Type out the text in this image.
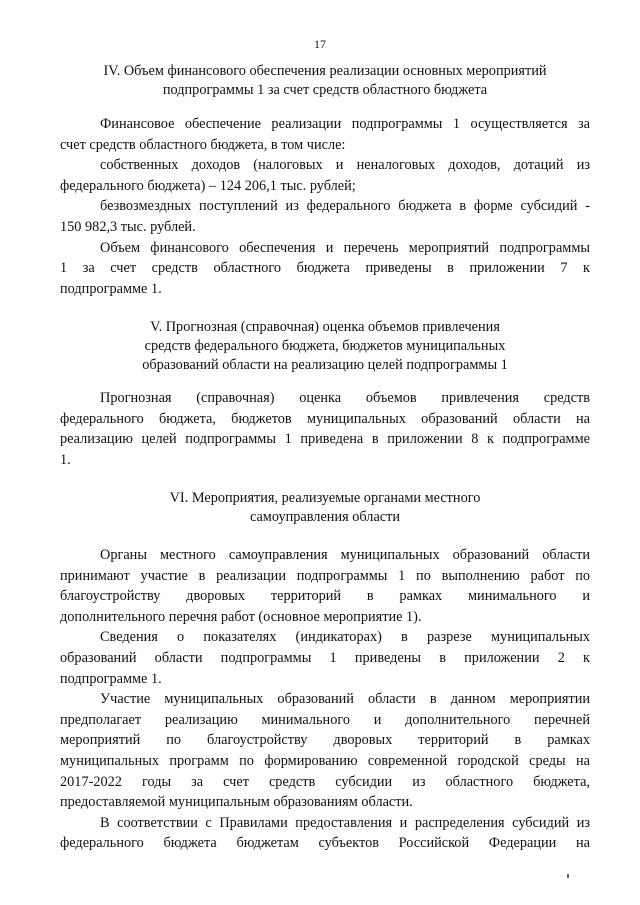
17
IV. Объем финансового обеспечения реализации основных мероприятий
подпрограммы 1 за счет средств областного бюджета

Финансовое обеспечение реализации подпрограммы 1 осуществляется за
счет средств областного бюджета, в том числе:

собственных доходов (налоговых и неналоговых доходов, дотаций из
федерального бюджета) – 124 206,1 тыс. рублей;

безвозмездных поступлений из федерального бюджета в форме субсидий -
150 982,3 тыс. рублей.

Объем финансового обеспечения и перечень мероприятий подпрограммы
1 за счет средств областного бюджета приведены в приложении 7 к
подпрограмме 1.

V. Прогнозная (справочная) оценка объемов привлечения
средств федерального бюджета, бюджетов муниципальных
образований области на реализацию целей подпрограммы 1

Прогнозная (справочная) оценка объемов привлечения средств
федерального бюджета, бюджетов муниципальных образований области на
реализацию целей подпрограммы 1 приведена в приложении 8 к подпрограмме
1.

VI. Мероприятия, реализуемые органами местного
самоуправления области

Органы местного самоуправления муниципальных образований области
принимают участие в реализации подпрограммы 1 по выполнению работ по
благоустройству дворовых территорий в рамках минимального и
дополнительного перечня работ (основное мероприятие 1).

Сведения о показателях (индикаторах) в разрезе муниципальных
образований области подпрограммы 1 приведены в приложении 2 к
подпрограмме 1.

Участие муниципальных образований области в данном мероприятии
предполагает реализацию минимального и дополнительного перечней
мероприятий по благоустройству дворовых территорий в рамках
муниципальных программ по формированию современной городской среды на
2017-2022 годы за счет средств субсидии из областного бюджета,
предоставляемой муниципальным образованиям области.

В соответствии с Правилами предоставления и распределения субсидий из
федерального бюджета бюджетам субъектов Российской Федерации на
